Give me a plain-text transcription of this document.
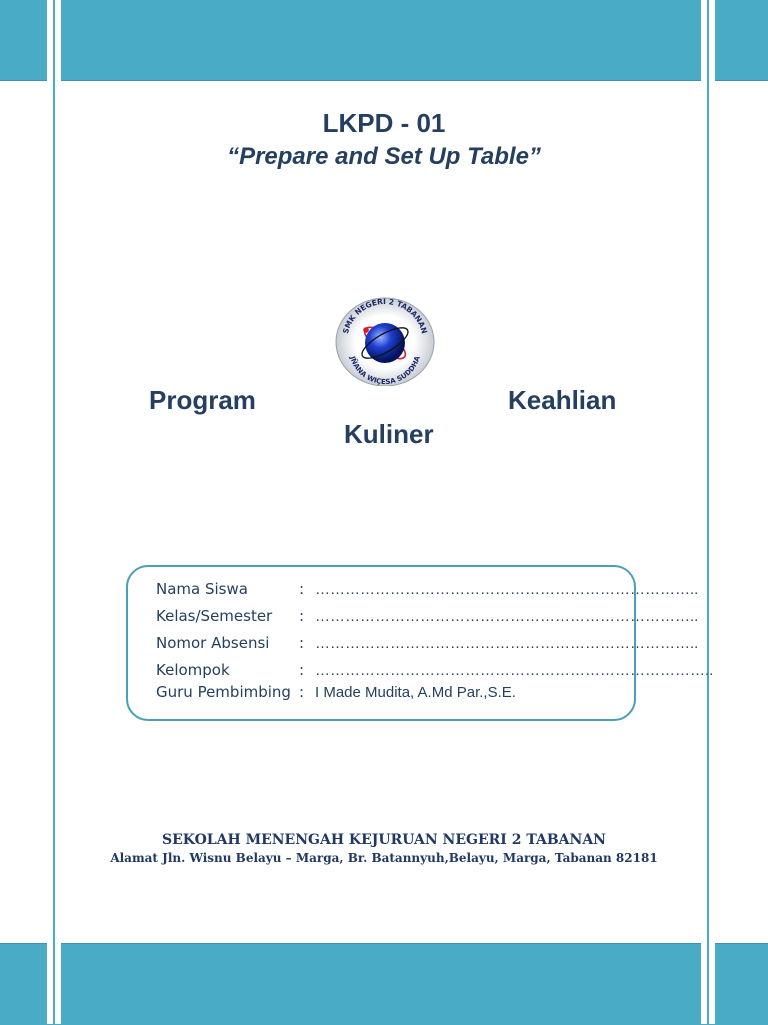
LKPD - 01
“Prepare and Set Up Table”
SMK NEGERI 2 TABANAN
JÑANA WIÇESA SUDDHA
Program	Keahlian
Kuliner
Nama Siswa	: …………………………………………………………………..
Kelas/Semester : …………………………………………………………………..
Nomor Absensi : …………………………………………………………………..
Kelompok	: ……………………………………………………………………..
Guru Pembimbing : I Made Mudita, A.Md Par.,S.E.
SEKOLAH MENENGAH KEJURUAN NEGERI 2 TABANAN
Alamat Jln. Wisnu Belayu – Marga, Br. Batannyuh,Belayu, Marga, Tabanan 82181
